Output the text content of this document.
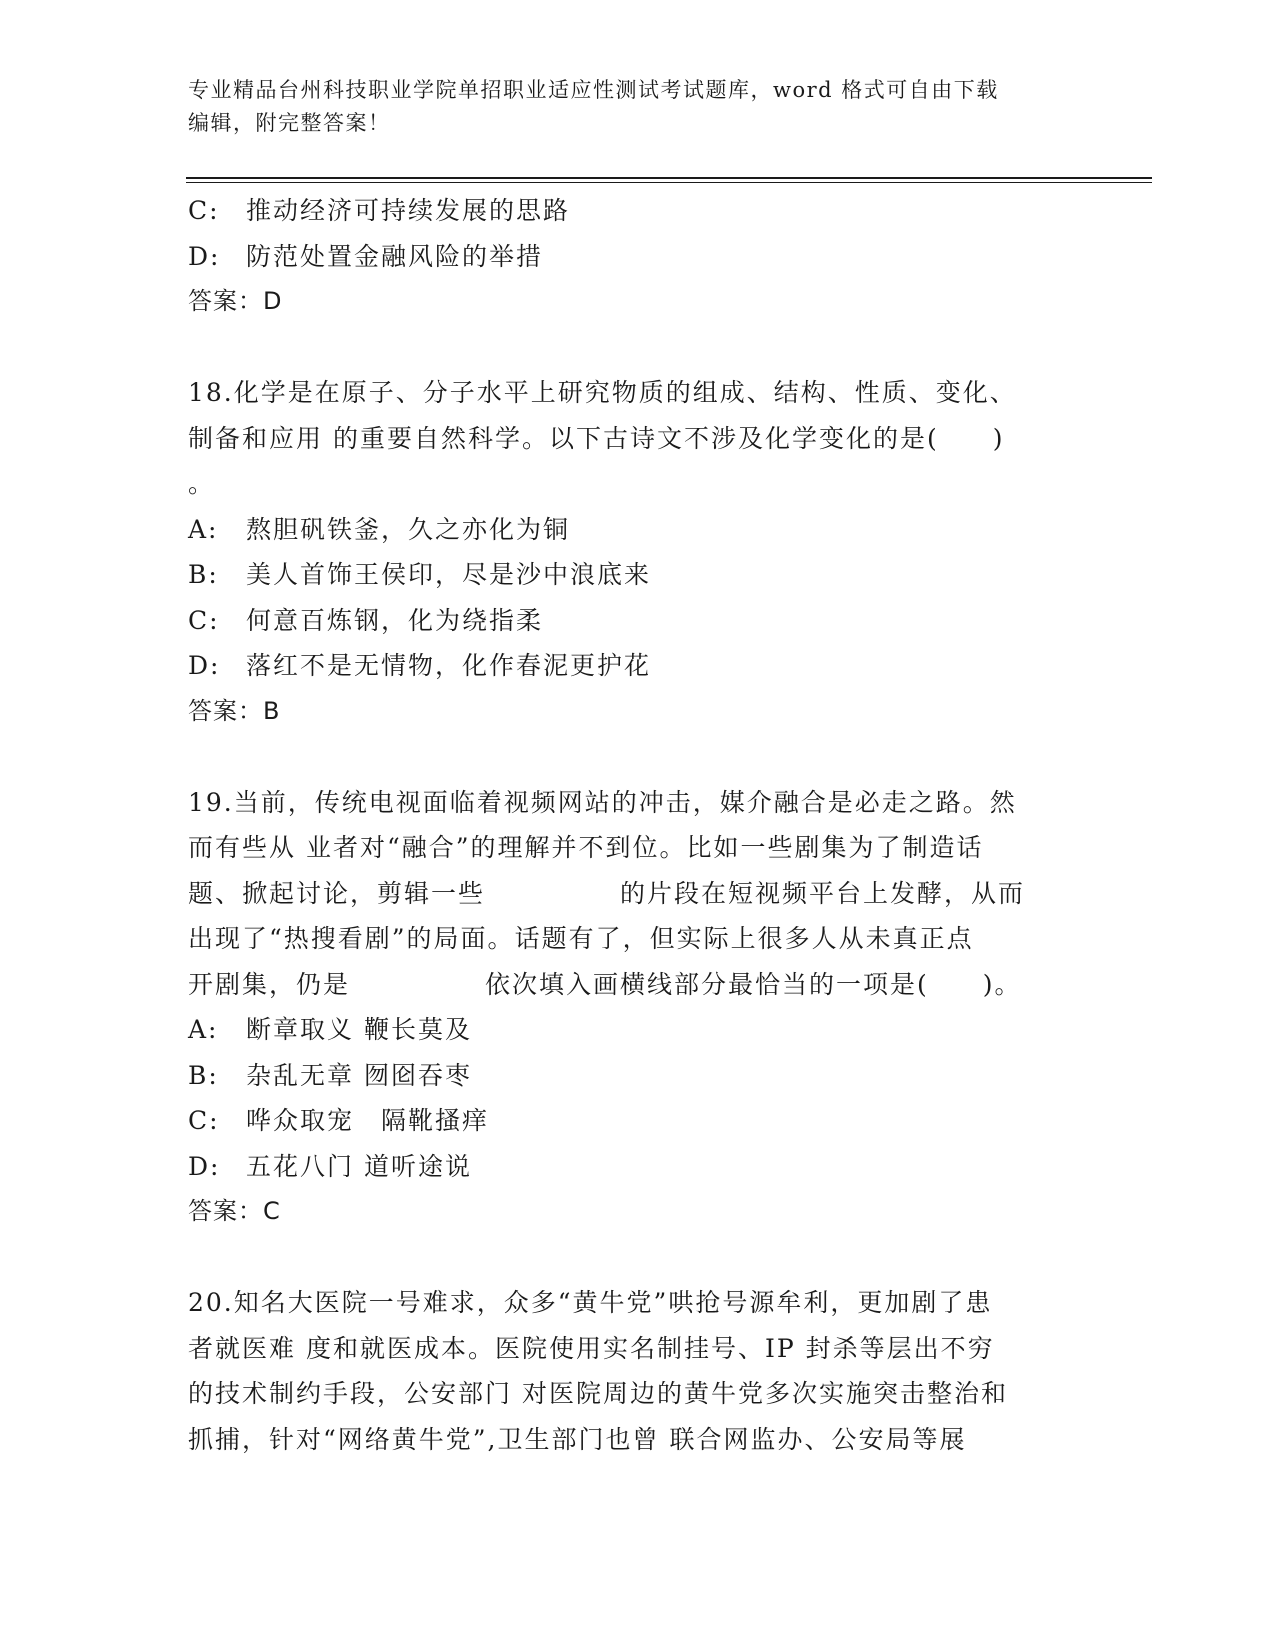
专业精品台州科技职业学院单招职业适应性测试考试题库，word 格式可自由下载
编辑，附完整答案！
C: 推动经济可持续发展的思路
D: 防范处置金融风险的举措
答案：D
18.化学是在原子、分子水平上研究物质的组成、结构、性质、变化、
制备和应用 的重要自然科学。以下古诗文不涉及化学变化的是(　　)
。
A: 熬胆矾铁釜，久之亦化为铜
B: 美人首饰王侯印，尽是沙中浪底来
C: 何意百炼钢，化为绕指柔
D: 落红不是无情物，化作春泥更护花
答案：B
19.当前，传统电视面临着视频网站的冲击，媒介融合是必走之路。然
而有些从 业者对“融合”的理解并不到位。比如一些剧集为了制造话
题、掀起讨论，剪辑一些　　　　　的片段在短视频平台上发酵，从而
出现了“热搜看剧”的局面。话题有了，但实际上很多人从未真正点
开剧集，仍是　　　　　依次填入画横线部分最恰当的一项是(　　)。
A: 断章取义 鞭长莫及
B: 杂乱无章 囫囵吞枣
C: 哗众取宠　隔靴搔痒
D: 五花八门 道听途说
答案：C
20.知名大医院一号难求，众多“黄牛党”哄抢号源牟利，更加剧了患
者就医难 度和就医成本。医院使用实名制挂号、IP 封杀等层出不穷
的技术制约手段，公安部门 对医院周边的黄牛党多次实施突击整治和
抓捕，针对“网络黄牛党”,卫生部门也曾 联合网监办、公安局等展
